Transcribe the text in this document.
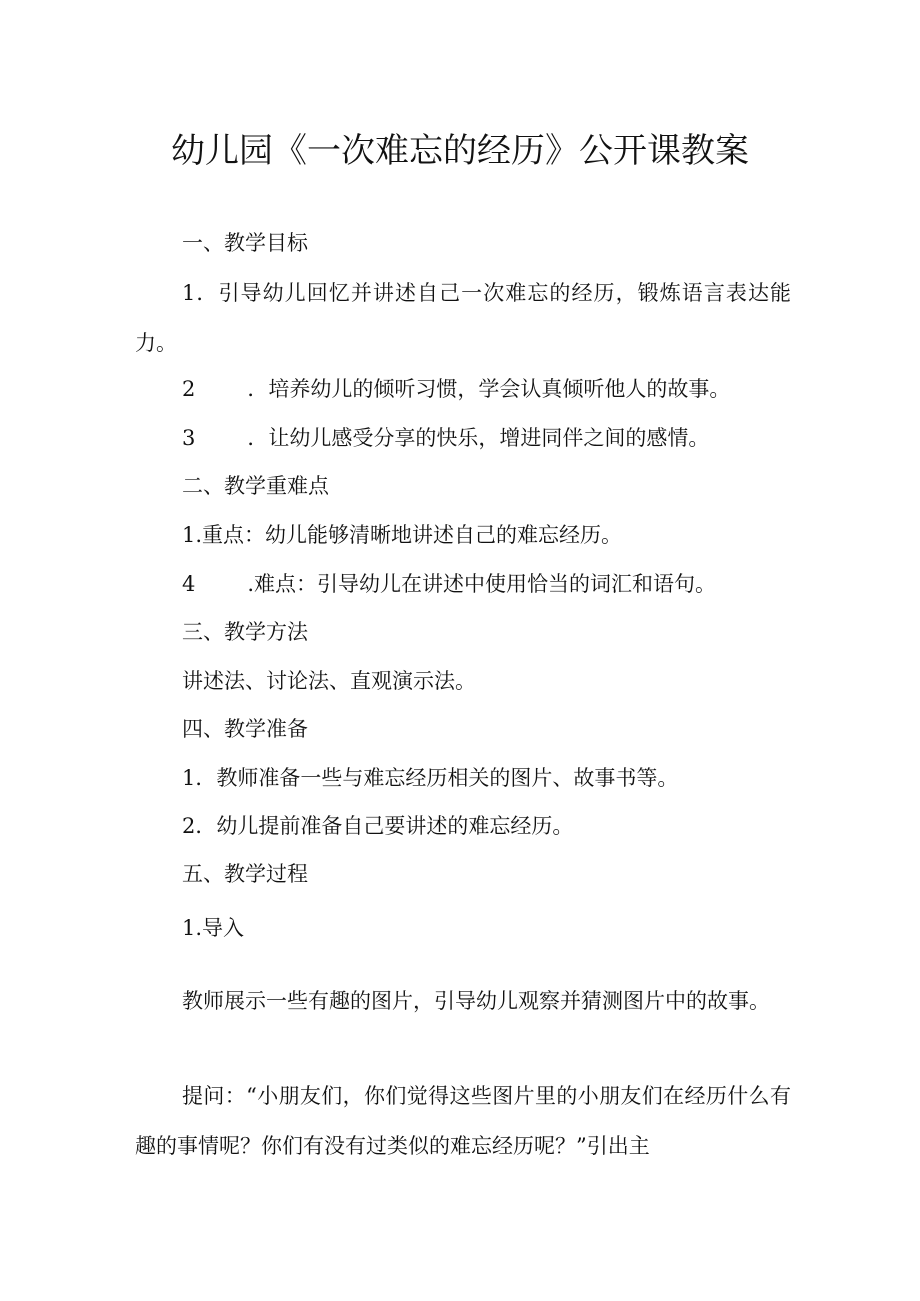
幼儿园《一次难忘的经历》公开课教案

一、教学目标

1．引导幼儿回忆并讲述自己一次难忘的经历，锻炼语言表达能力。

2 ．培养幼儿的倾听习惯，学会认真倾听他人的故事。

3 ．让幼儿感受分享的快乐，增进同伴之间的感情。

二、教学重难点

1.重点：幼儿能够清晰地讲述自己的难忘经历。

4 .难点：引导幼儿在讲述中使用恰当的词汇和语句。

三、教学方法

讲述法、讨论法、直观演示法。

四、教学准备

1．教师准备一些与难忘经历相关的图片、故事书等。

2．幼儿提前准备自己要讲述的难忘经历。

五、教学过程

1.导入

教师展示一些有趣的图片，引导幼儿观察并猜测图片中的故事。

提问：“小朋友们，你们觉得这些图片里的小朋友们在经历什么有趣的事情呢？你们有没有过类似的难忘经历呢？”引出主
